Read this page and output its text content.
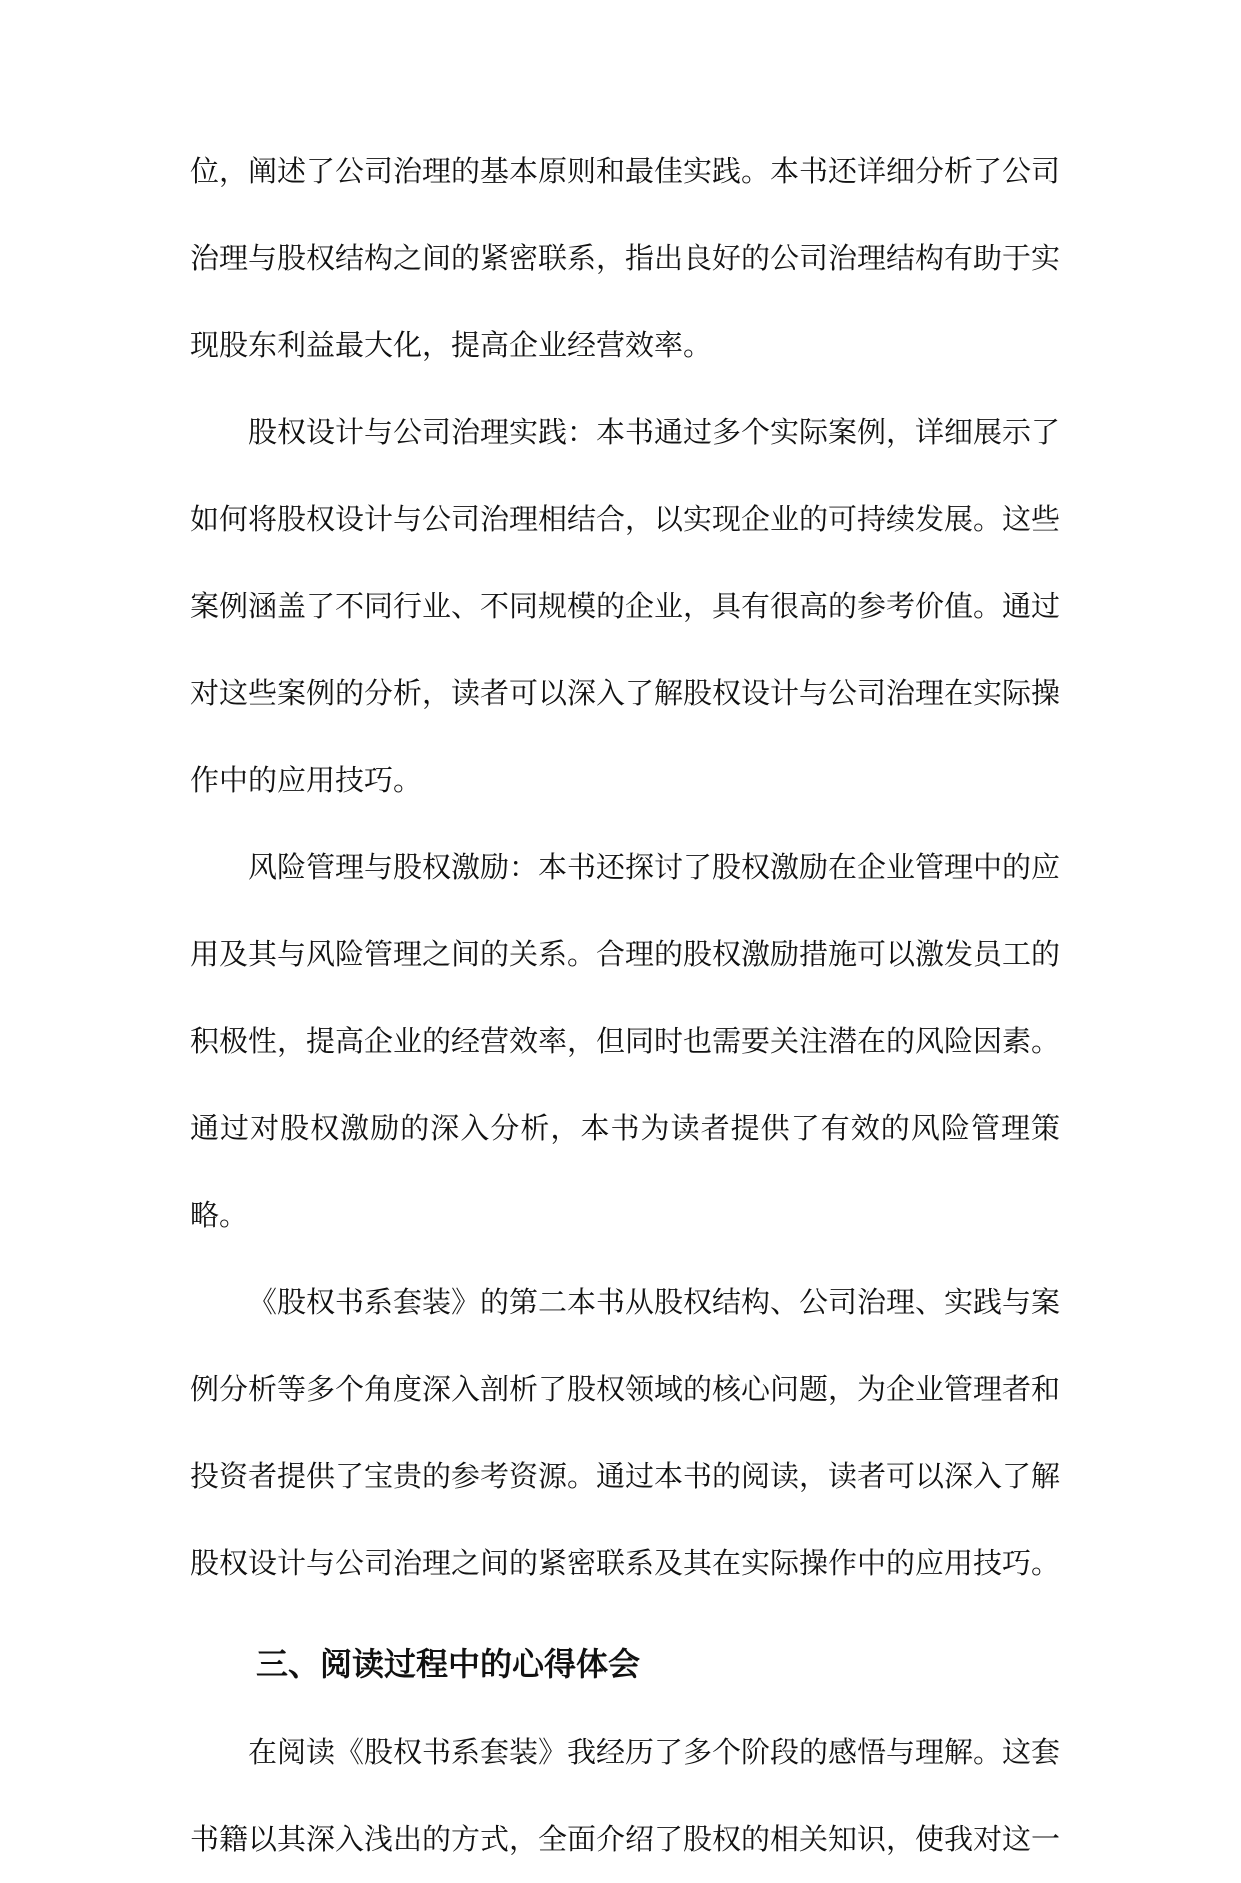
位，阐述了公司治理的基本原则和最佳实践。本书还详细分析了公司治理与股权结构之间的紧密联系，指出良好的公司治理结构有助于实现股东利益最大化，提高企业经营效率。

股权设计与公司治理实践：本书通过多个实际案例，详细展示了如何将股权设计与公司治理相结合，以实现企业的可持续发展。这些案例涵盖了不同行业、不同规模的企业，具有很高的参考价值。通过对这些案例的分析，读者可以深入了解股权设计与公司治理在实际操作中的应用技巧。

风险管理与股权激励：本书还探讨了股权激励在企业管理中的应用及其与风险管理之间的关系。合理的股权激励措施可以激发员工的积极性，提高企业的经营效率，但同时也需要关注潜在的风险因素。通过对股权激励的深入分析，本书为读者提供了有效的风险管理策略。

《股权书系套装》的第二本书从股权结构、公司治理、实践与案例分析等多个角度深入剖析了股权领域的核心问题，为企业管理者和投资者提供了宝贵的参考资源。通过本书的阅读，读者可以深入了解股权设计与公司治理之间的紧密联系及其在实际操作中的应用技巧。

三、阅读过程中的心得体会

在阅读《股权书系套装》我经历了多个阶段的感悟与理解。这套书籍以其深入浅出的方式，全面介绍了股权的相关知识，使我对这一
